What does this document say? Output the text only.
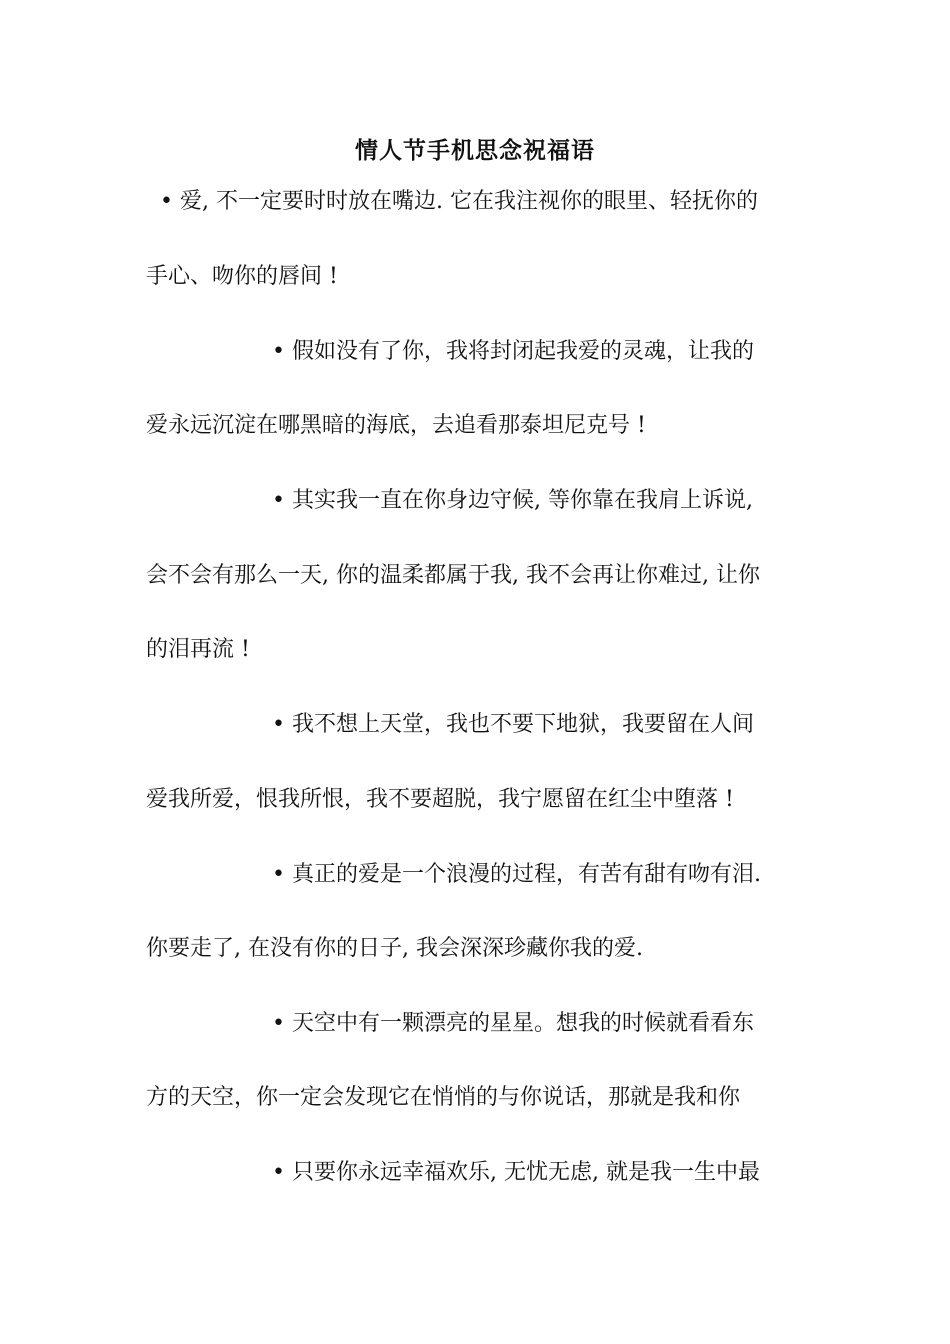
情人节手机思念祝福语
• 爱, 不一定要时时放在嘴边. 它在我注视你的眼里、轻抚你的
手心、吻你的唇间 !
• 假如没有了你，我将封闭起我爱的灵魂，让我的
爱永远沉淀在哪黑暗的海底，去追看那泰坦尼克号 !
• 其实我一直在你身边守候, 等你靠在我肩上诉说,
会不会有那么一天, 你的温柔都属于我, 我不会再让你难过, 让你
的泪再流 !
• 我不想上天堂，我也不要下地狱，我要留在人间
爱我所爱，恨我所恨，我不要超脱，我宁愿留在红尘中堕落 !
• 真正的爱是一个浪漫的过程，有苦有甜有吻有泪.
你要走了, 在没有你的日子, 我会深深珍藏你我的爱.
• 天空中有一颗漂亮的星星。想我的时候就看看东
方的天空，你一定会发现它在悄悄的与你说话，那就是我和你
• 只要你永远幸福欢乐, 无忧无虑, 就是我一生中最
